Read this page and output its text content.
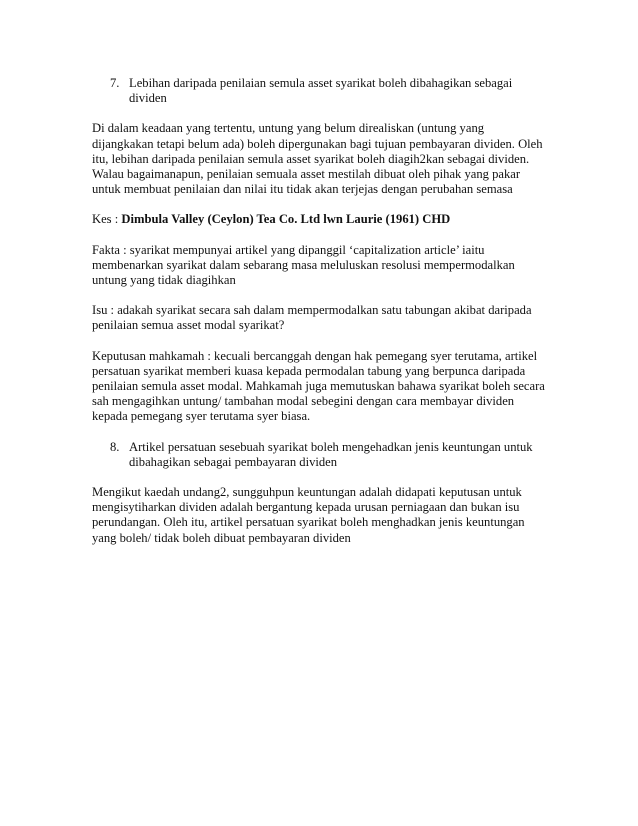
7. Lebihan daripada penilaian semula asset syarikat boleh dibahagikan sebagai
dividen
Di dalam keadaan yang tertentu, untung yang belum direaliskan (untung yang
dijangkakan tetapi belum ada) boleh dipergunakan bagi tujuan pembayaran dividen. Oleh
itu, lebihan daripada penilaian semula asset syarikat boleh diagih2kan sebagai dividen.
Walau bagaimanapun, penilaian semuala asset mestilah dibuat oleh pihak yang pakar
untuk membuat penilaian dan nilai itu tidak akan terjejas dengan perubahan semasa
Kes : Dimbula Valley (Ceylon) Tea Co. Ltd lwn Laurie (1961) CHD
Fakta : syarikat mempunyai artikel yang dipanggil ‘capitalization article’ iaitu
membenarkan syarikat dalam sebarang masa meluluskan resolusi mempermodalkan
untung yang tidak diagihkan
Isu : adakah syarikat secara sah dalam mempermodalkan satu tabungan akibat daripada
penilaian semua asset modal syarikat?
Keputusan mahkamah : kecuali bercanggah dengan hak pemegang syer terutama, artikel
persatuan syarikat memberi kuasa kepada permodalan tabung yang berpunca daripada
penilaian semula asset modal. Mahkamah juga memutuskan bahawa syarikat boleh secara
sah mengagihkan untung/ tambahan modal sebegini dengan cara membayar dividen
kepada pemegang syer terutama syer biasa.
8. Artikel persatuan sesebuah syarikat boleh mengehadkan jenis keuntungan untuk
dibahagikan sebagai pembayaran dividen
Mengikut kaedah undang2, sungguhpun keuntungan adalah didapati keputusan untuk
mengisytiharkan dividen adalah bergantung kepada urusan perniagaan dan bukan isu
perundangan. Oleh itu, artikel persatuan syarikat boleh menghadkan jenis keuntungan
yang boleh/ tidak boleh dibuat pembayaran dividen
